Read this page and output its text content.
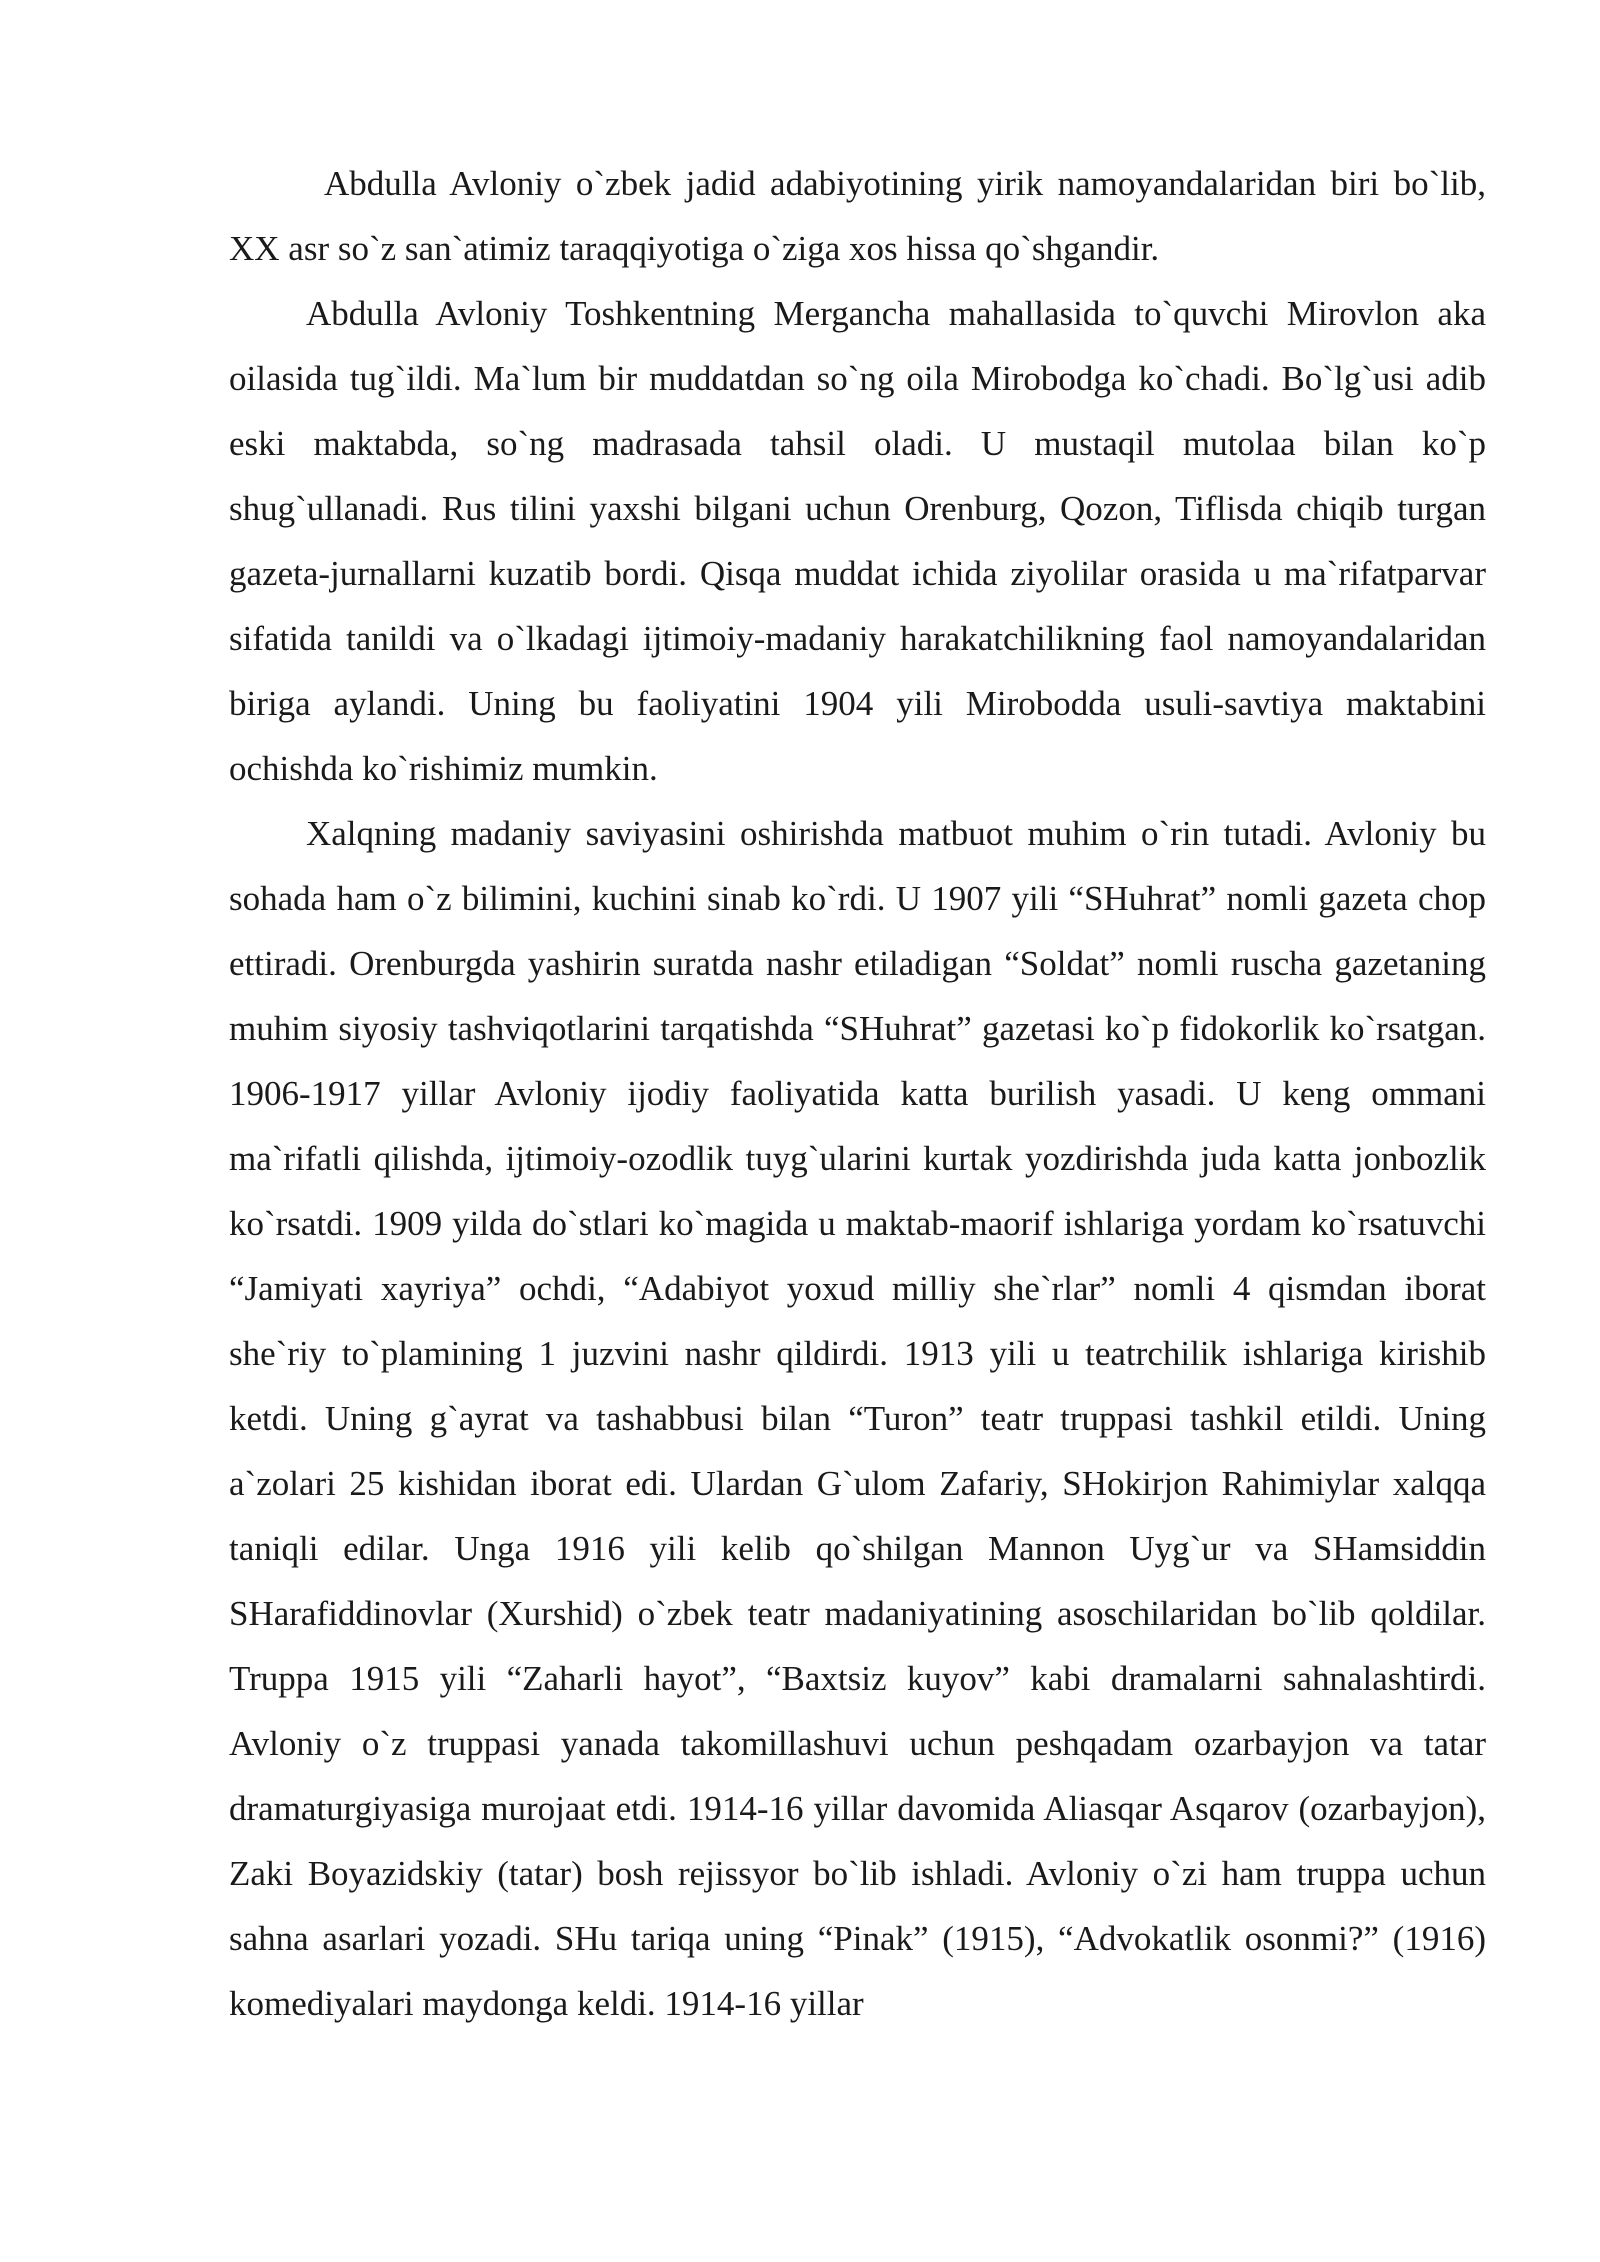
Abdulla Avloniy o`zbek jadid adabiyotining yirik namoyandalaridan biri bo`lib, XX asr so`z san`atimiz taraqqiyotiga o`ziga xos hissa qo`shgandir.

Abdulla Avloniy Toshkentning Mergancha mahallasida to`quvchi Mirovlon aka oilasida tug`ildi. Ma`lum bir muddatdan so`ng oila Mirobodga ko`chadi. Bo`lg`usi adib eski maktabda, so`ng madrasada tahsil oladi. U mustaqil mutolaa bilan ko`p shug`ullanadi. Rus tilini yaxshi bilgani uchun Orenburg, Qozon, Tiflisda chiqib turgan gazeta-jurnallarni kuzatib bordi. Qisqa muddat ichida ziyolilar orasida u ma`rifatparvar sifatida tanildi va o`lkadagi ijtimoiy-madaniy harakatchilikning faol namoyandalaridan biriga aylandi. Uning bu faoliyatini 1904 yili Mirobodda usuli-savtiya maktabini ochishda ko`rishimiz mumkin.

Xalqning madaniy saviyasini oshirishda matbuot muhim o`rin tutadi. Avloniy bu sohada ham o`z bilimini, kuchini sinab ko`rdi. U 1907 yili “SHuhrat” nomli gazeta chop ettiradi. Orenburgda yashirin suratda nashr etiladigan “Soldat” nomli ruscha gazetaning muhim siyosiy tashviqotlarini tarqatishda “SHuhrat” gazetasi ko`p fidokorlik ko`rsatgan. 1906-1917 yillar Avloniy ijodiy faoliyatida katta burilish yasadi. U keng ommani ma`rifatli qilishda, ijtimoiy-ozodlik tuyg`ularini kurtak yozdirishda juda katta jonbozlik ko`rsatdi. 1909 yilda do`stlari ko`magida u maktab-maorif ishlariga yordam ko`rsatuvchi “Jamiyati xayriya” ochdi, “Adabiyot yoxud milliy she`rlar” nomli 4 qismdan iborat she`riy to`plamining 1 juzvini nashr qildirdi. 1913 yili u teatrchilik ishlariga kirishib ketdi. Uning g`ayrat va tashabbusi bilan “Turon” teatr truppasi tashkil etildi. Uning a`zolari 25 kishidan iborat edi. Ulardan G`ulom Zafariy, SHokirjon Rahimiylar xalqqa taniqli edilar. Unga 1916 yili kelib qo`shilgan Mannon Uyg`ur va SHamsiddin SHarafiddinovlar (Xurshid) o`zbek teatr madaniyatining asoschilaridan bo`lib qoldilar. Truppa 1915 yili “Zaharli hayot”, “Baxtsiz kuyov” kabi dramalarni sahnalashtirdi. Avloniy o`z truppasi yanada takomillashuvi uchun peshqadam ozarbayjon va tatar dramaturgiyasiga murojaat etdi. 1914-16 yillar davomida Aliasqar Asqarov (ozarbayjon), Zaki Boyazidskiy (tatar) bosh rejissyor bo`lib ishladi. Avloniy o`zi ham truppa uchun sahna asarlari yozadi. SHu tariqa uning “Pinak” (1915), “Advokatlik osonmi?” (1916) komediyalari maydonga keldi. 1914-16 yillar
